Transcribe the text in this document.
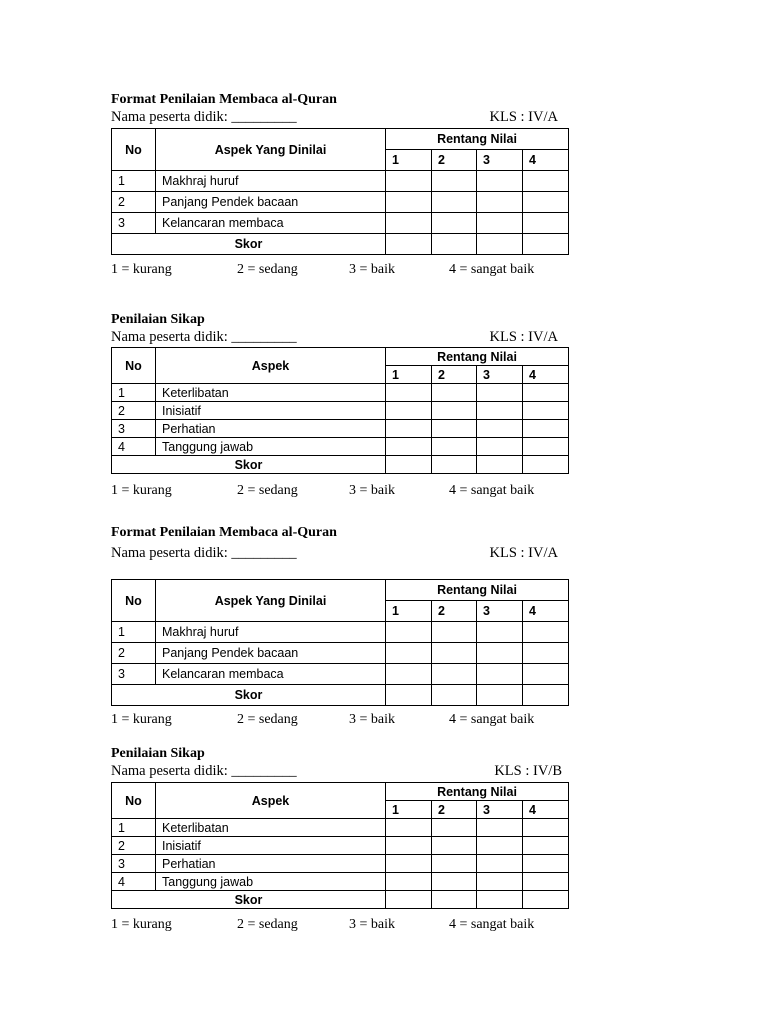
Format Penilaian Membaca al-Quran
Nama peserta didik: _________	KLS : IV/A
No	Aspek Yang Dinilai	Rentang Nilai			
		1	2	3	4
1	Makhraj huruf				
2	Panjang Pendek bacaan				
3	Kelancaran membaca				
Skor					
1 = kurang	2 = sedang	3 = baik	4 = sangat baik
Penilaian Sikap
Nama peserta didik: _________	KLS : IV/A
No	Aspek	Rentang Nilai			
		1	2	3	4
1	Keterlibatan				
2	Inisiatif				
3	Perhatian				
4	Tanggung jawab				
Skor					
1 = kurang	2 = sedang	3 = baik	4 = sangat baik
Format Penilaian Membaca al-Quran
Nama peserta didik: _________	KLS : IV/A
No	Aspek Yang Dinilai	Rentang Nilai			
		1	2	3	4
1	Makhraj huruf				
2	Panjang Pendek bacaan				
3	Kelancaran membaca				
Skor					
1 = kurang	2 = sedang	3 = baik	4 = sangat baik
Penilaian Sikap
Nama peserta didik: _________	KLS : IV/B
No	Aspek	Rentang Nilai			
		1	2	3	4
1	Keterlibatan				
2	Inisiatif				
3	Perhatian				
4	Tanggung jawab				
Skor					
1 = kurang	2 = sedang	3 = baik	4 = sangat baik
